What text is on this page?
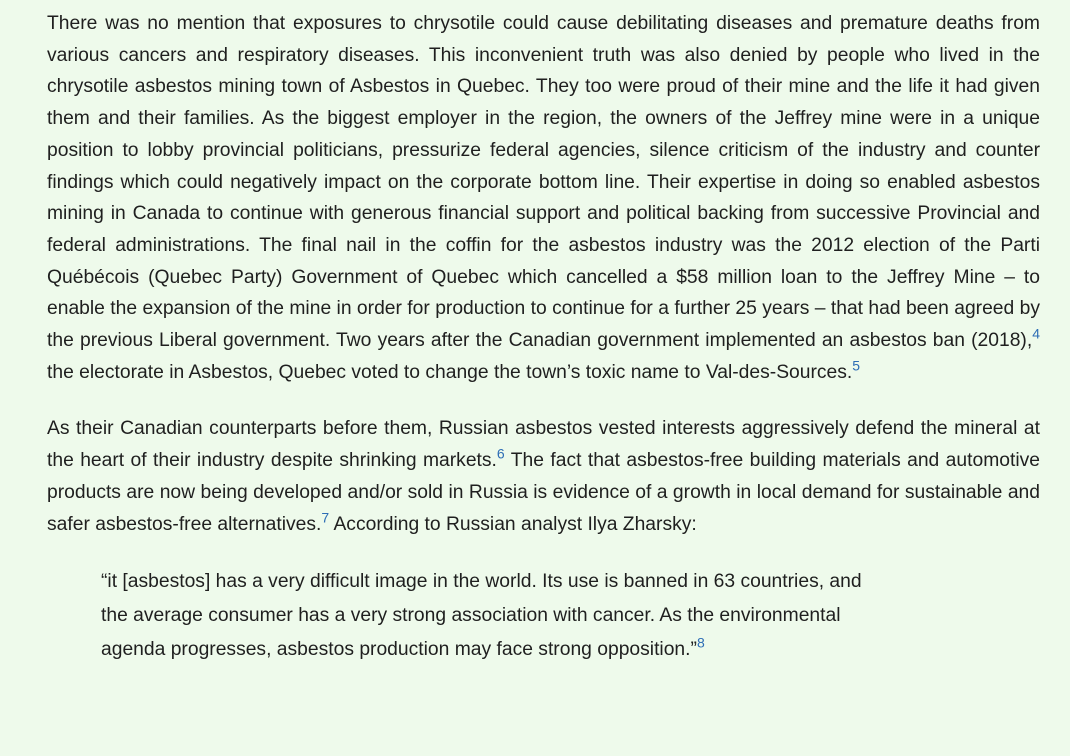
There was no mention that exposures to chrysotile could cause debilitating diseases and premature deaths from various cancers and respiratory diseases. This inconvenient truth was also denied by people who lived in the chrysotile asbestos mining town of Asbestos in Quebec. They too were proud of their mine and the life it had given them and their families. As the biggest employer in the region, the owners of the Jeffrey mine were in a unique position to lobby provincial politicians, pressurize federal agencies, silence criticism of the industry and counter findings which could negatively impact on the corporate bottom line. Their expertise in doing so enabled asbestos mining in Canada to continue with generous financial support and political backing from successive Provincial and federal administrations. The final nail in the coffin for the asbestos industry was the 2012 election of the Parti Québécois (Quebec Party) Government of Quebec which cancelled a $58 million loan to the Jeffrey Mine – to enable the expansion of the mine in order for production to continue for a further 25 years – that had been agreed by the previous Liberal government. Two years after the Canadian government implemented an asbestos ban (2018),$^4$ the electorate in Asbestos, Quebec voted to change the town’s toxic name to Val-des-Sources.$^5$

As their Canadian counterparts before them, Russian asbestos vested interests aggressively defend the mineral at the heart of their industry despite shrinking markets.$^6$ The fact that asbestos-free building materials and automotive products are now being developed and/or sold in Russia is evidence of a growth in local demand for sustainable and safer asbestos-free alternatives.$^7$ According to Russian analyst Ilya Zharsky:

“it [asbestos] has a very difficult image in the world. Its use is banned in 63 countries, and
the average consumer has a very strong association with cancer. As the environmental
agenda progresses, asbestos production may face strong opposition.”$^8$
